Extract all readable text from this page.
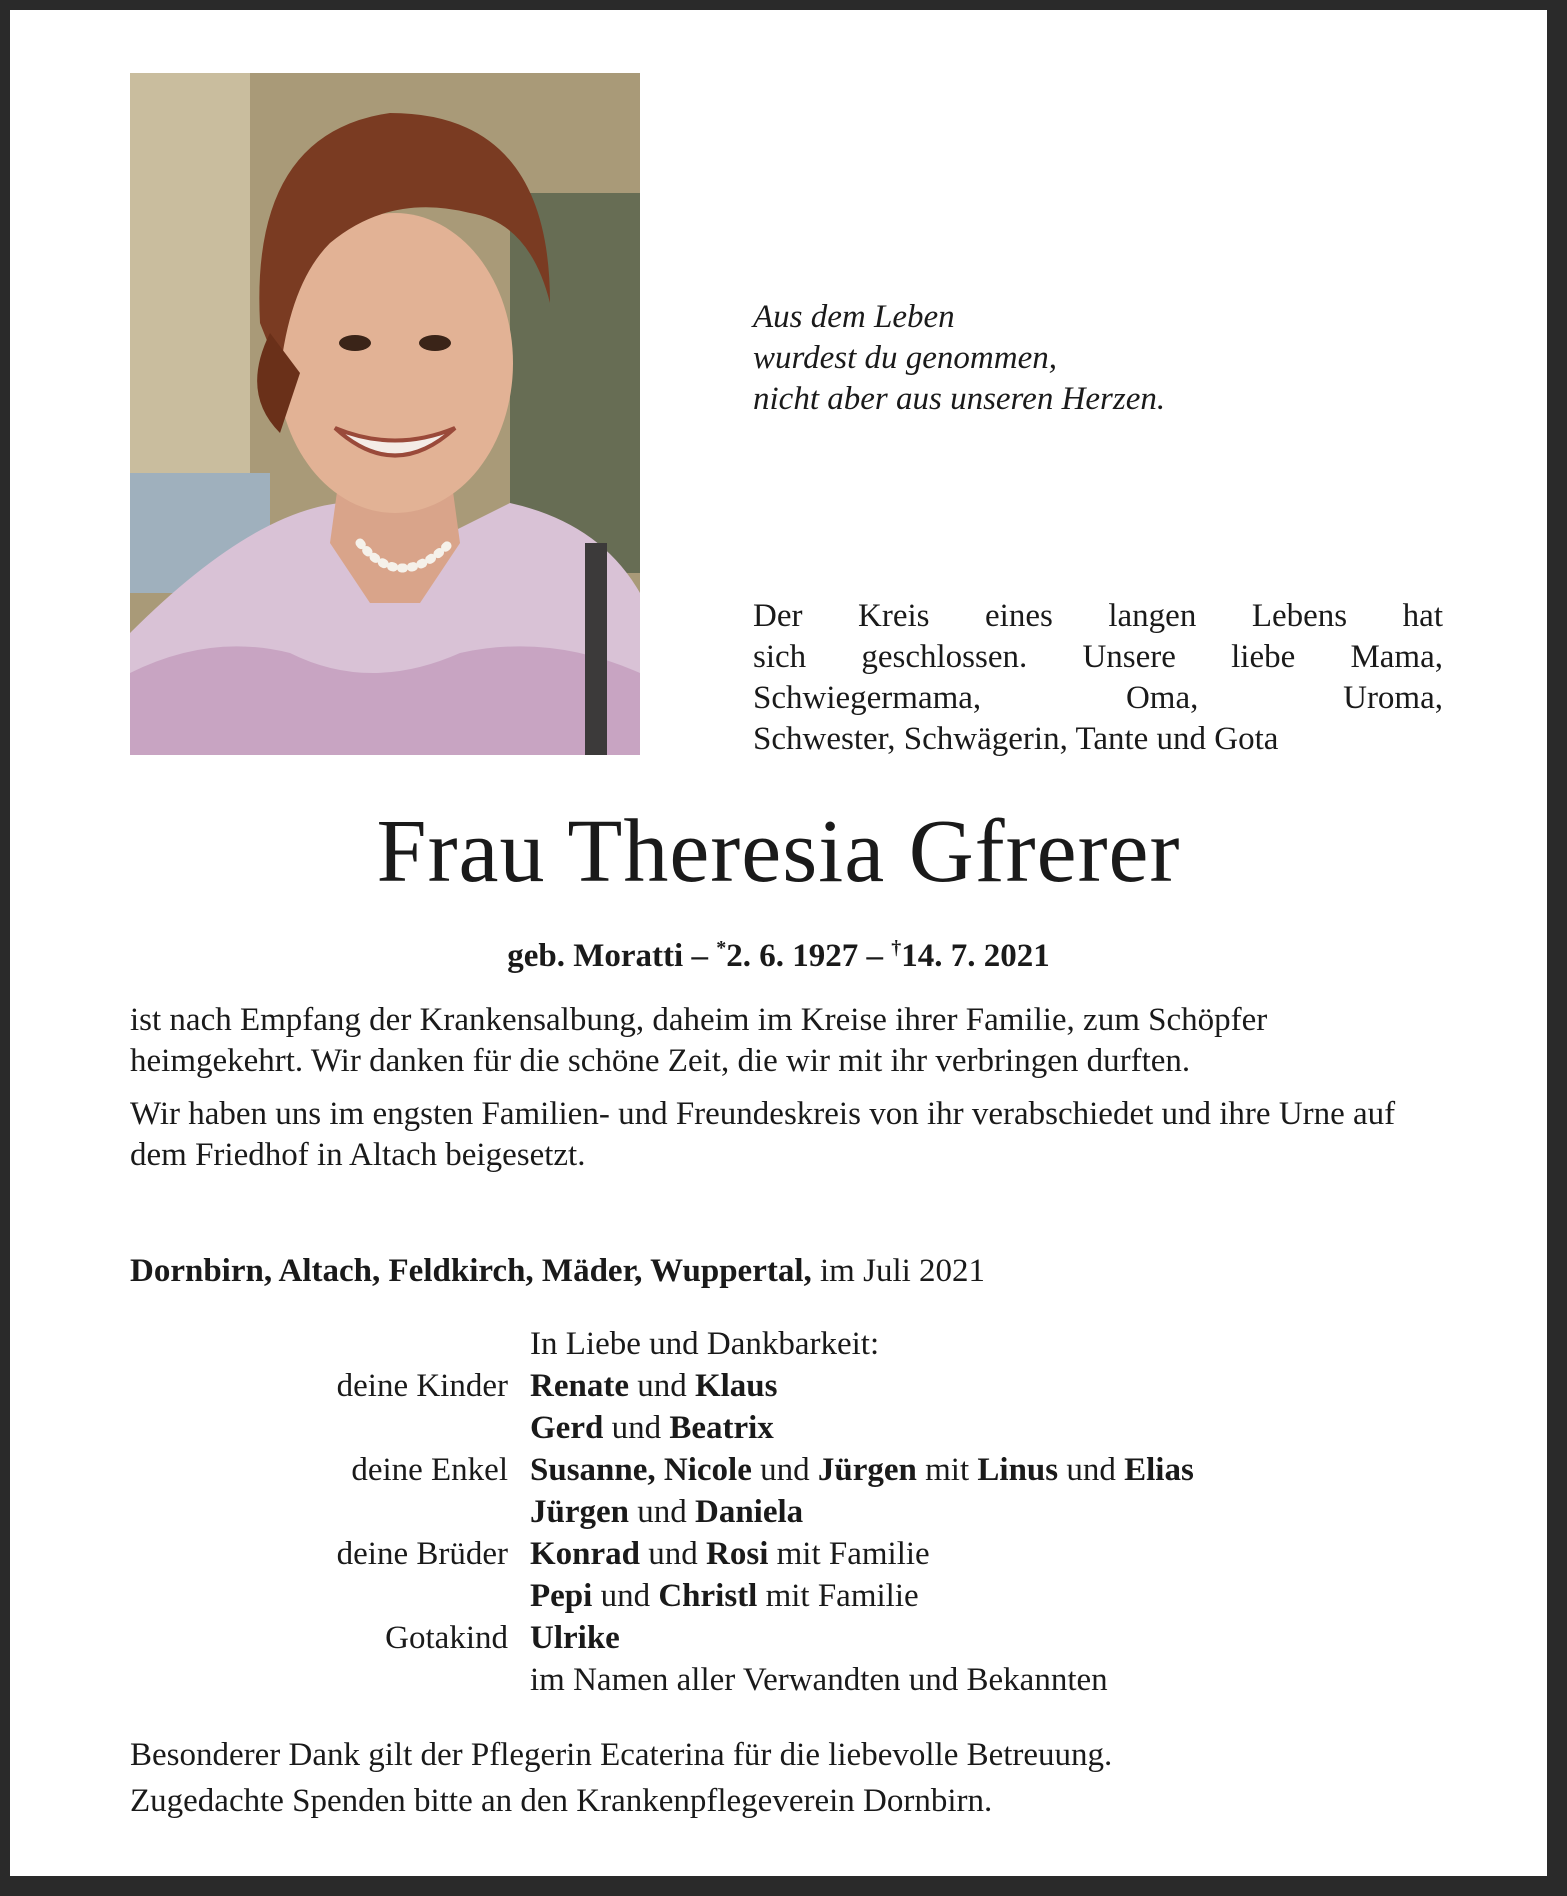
Aus dem Leben
wurdest du genommen,
nicht aber aus unseren Herzen.
Der Kreis eines langen Lebens hat
sich geschlossen. Unsere liebe Mama,
Schwiegermama, Oma, Uroma,
Schwester, Schwägerin, Tante und Gota
Frau Theresia Gfrerer
geb. Moratti – *2. 6. 1927 – †14. 7. 2021

ist nach Empfang der Krankensalbung, daheim im Kreise ihrer Familie, zum Schöpfer heimgekehrt. Wir danken für die schöne Zeit, die wir mit ihr verbringen durften.

Wir haben uns im engsten Familien- und Freundeskreis von ihr verabschiedet und ihre Urne auf dem Friedhof in Altach beigesetzt.

Dornbirn, Altach, Feldkirch, Mäder, Wuppertal, im Juli 2021
In Liebe und Dankbarkeit:
deine Kinder Renate und Klaus
Gerd und Beatrix
deine Enkel Susanne, Nicole und Jürgen mit Linus und Elias
Jürgen und Daniela
deine Brüder Konrad und Rosi mit Familie
Pepi und Christl mit Familie
Gotakind Ulrike
im Namen aller Verwandten und Bekannten
Besonderer Dank gilt der Pflegerin Ecaterina für die liebevolle Betreuung.
Zugedachte Spenden bitte an den Krankenpflegeverein Dornbirn.
